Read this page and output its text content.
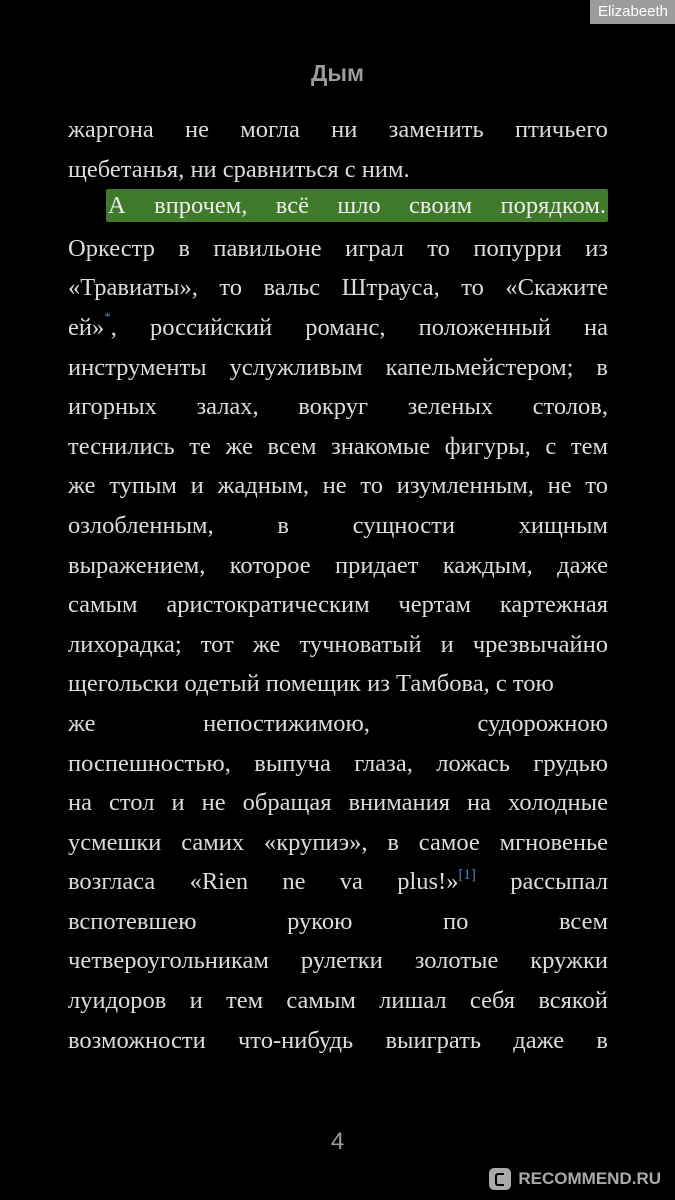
Elizabeeth
Дым
жаргона не могла ни заменить птичьего
щебетанья, ни сравниться с ним.
А впрочем, всё шло своим порядком.
Оркестр в павильоне играл то попурри из
«Травиаты», то вальс Штрауса, то «Скажите
ей»*, российский романс, положенный на
инструменты услужливым капельмейстером; в
игорных залах, вокруг зеленых столов,
теснились те же всем знакомые фигуры, с тем
же тупым и жадным, не то изумленным, не то
озлобленным,	в	сущности	хищным
выражением, которое придает каждым, даже
самым аристократическим чертам картежная
лихорадка; тот же тучноватый и чрезвычайно
щегольски одетый помещик из Тамбова, с тою
же	непостижимою,	судорожною
поспешностью, выпуча глаза, ложась грудью
на стол и не обращая внимания на холодные
усмешки самих «крупиэ», в самое мгновенье
возгласа «Rien ne va plus!»[1] рассыпал
вспотевшею	рукою	по	всем
четвероугольникам рулетки золотые кружки
луидоров и тем самым лишал себя всякой
возможности что-нибудь выиграть даже в
4
RECOMMEND.RU
